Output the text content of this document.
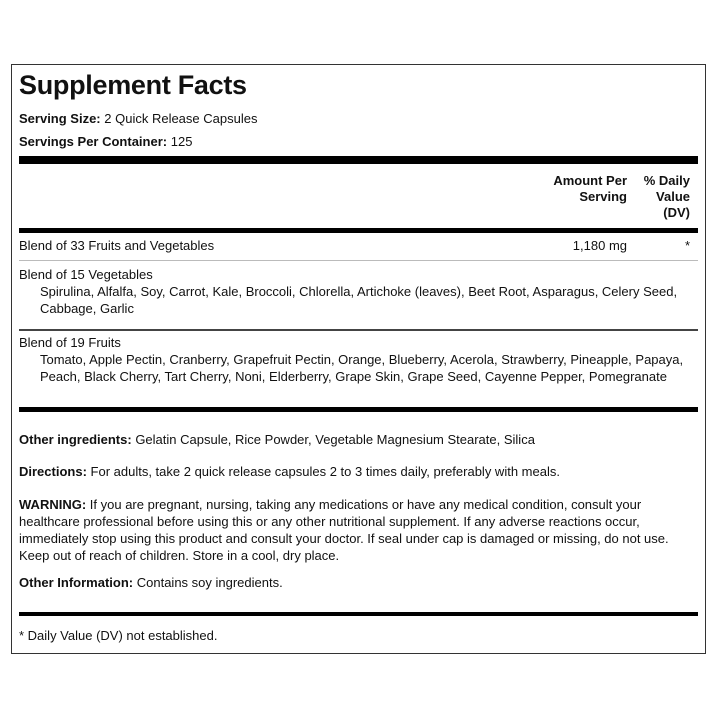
Supplement Facts
Serving Size: 2 Quick Release Capsules
Servings Per Container: 125
Amount Per Serving
% Daily Value (DV)
Blend of 33 Fruits and Vegetables	1,180 mg	*
Blend of 15 Vegetables
Spirulina, Alfalfa, Soy, Carrot, Kale, Broccoli, Chlorella, Artichoke (leaves), Beet Root, Asparagus, Celery Seed, Cabbage, Garlic
Blend of 19 Fruits
Tomato, Apple Pectin, Cranberry, Grapefruit Pectin, Orange, Blueberry, Acerola, Strawberry, Pineapple, Papaya, Peach, Black Cherry, Tart Cherry, Noni, Elderberry, Grape Skin, Grape Seed, Cayenne Pepper, Pomegranate
Other ingredients: Gelatin Capsule, Rice Powder, Vegetable Magnesium Stearate, Silica
Directions: For adults, take 2 quick release capsules 2 to 3 times daily, preferably with meals.
WARNING: If you are pregnant, nursing, taking any medications or have any medical condition, consult your healthcare professional before using this or any other nutritional supplement. If any adverse reactions occur, immediately stop using this product and consult your doctor. If seal under cap is damaged or missing, do not use. Keep out of reach of children. Store in a cool, dry place.
Other Information: Contains soy ingredients.
* Daily Value (DV) not established.
